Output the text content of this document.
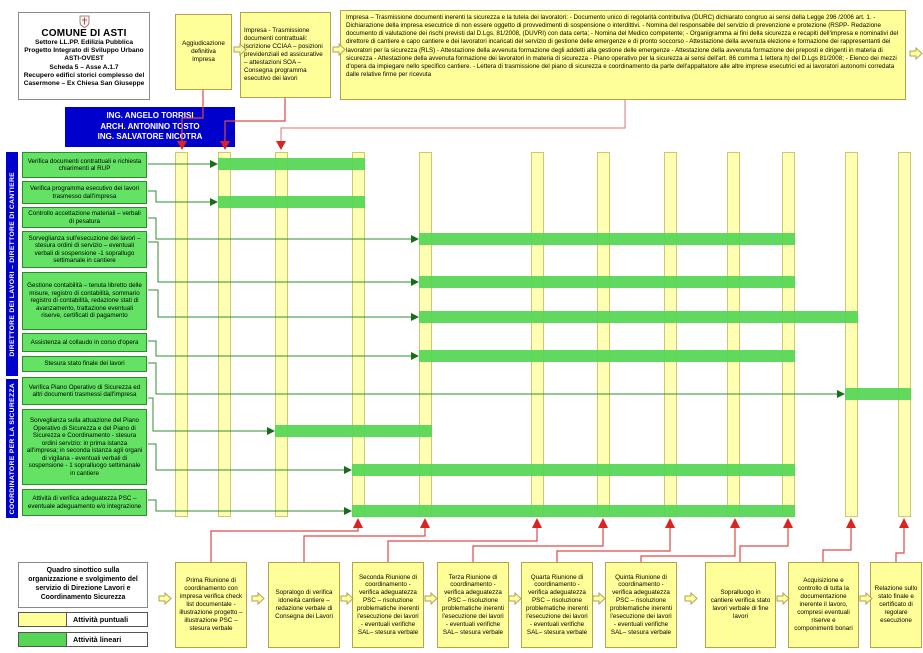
COMUNE DI ASTI
Settore LL.PP. Edilizia Pubblica
Progetto Integrato di Sviluppo Urbano
ASTI-OVEST
Scheda 5 – Asse A.1.7
Recupero edifici storici complesso del Casermone – Ex Chiesa San Giuseppe
ING. ANGELO TORRISI
ARCH. ANTONINO TOSTO
ING. SALVATORE NICOTRA
Aggiudicazione definitiva Impresa
Impresa - Trasmissione documenti contrattuali: Iscrizione CCIAA – posizioni previdenziali ed assicurative – attestazioni SOA – Consegna programma esecutivo dei lavori
Impresa – Trasmissione documenti inerenti la sicurezza e la tutela dei lavoratori: - Documento unico di regolarità contributiva (DURC) dichiarato congruo ai sensi della Legge 296 /2006 art. 1. - Dichiarazione della impresa esecutrice di non essere oggetto di provvedimenti di sospensione o interdittivi. - Nomina del responsabile del servizio di prevenzione e protezione (RSPP- Redazione documento di valutazione dei rischi previsti dal D.Lgs. 81/2008, (DUVRI) con data certa; - Nomina del Medico competente; - Organigramma ai fini della sicurezza e recapiti dell'impresa e nominativi del direttore di cantiere e capo cantiere e dei lavoratori incaricati del servizio di gestione delle emergenze e di pronto soccorso - Attestazione della avvenuta elezione e formazione dei rappresentanti dei lavoratori per la sicurezza (RLS) - Attestazione della avvenuta formazione degli addetti alla gestione delle emergenze - Attestazione della avvenuta formazione dei preposti e dirigenti in materia di sicurezza - Attestazione della avvenuta formazione dei lavoratori in materia di sicurezza - Piano operativo per la sicurezza ai sensi dell'art. 86 comma 1 lettera h) del D.Lgs 81/2008; - Elenco dei mezzi d'opera da impiegare nello specifico cantiere. - Lettera di trasmissione del piano di sicurezza e coordinamento da parte dell'appaltatore alle altre imprese esecutrici ed ai lavoratori autonomi corredata dalle relative firme per ricevuta
DIRETTORE DEI LAVORI – DIRETTORE DI CANTIERE
COORDINATORE PER LA SICUREZZA
Verifica documenti contrattuali e richiesta chiarimenti al RUP
Verifica programma esecutivo dei lavori trasmesso dall'impresa
Controllo accettazione materiali – verbali di pesatura
Sorveglianza sull'esecuzione dei lavori – stesura ordini di servizio – eventuali verbali di sospensione -1 soprallugo settimanale in cantiere
Gestione contabilità – tenuta libretto delle misure, registro di contabilità, sommario registro di contabilità, redazione stati di avanzamento, trattazione eventuali riserve, certificati di pagamento
Assistenza al collaudo in corso d'opera
Stesura stato finale dei lavori
Verifica Piano Operativo di Sicurezza ed altri documenti trasmessi dall'impresa
Sorveglianza sulla attuazione del Piano Operativo di Sicurezza e del Piano di Sicurezza e Coordinamento - stesura ordini servizio: in prima istanza all'impresa; in seconda istanza agli organi di vigilana - eventuali verbali di sospensione - 1 sopralluogo settimanale in cantiere
Attività di verifica adeguatezza PSC – eventuale adeguamento e/o integrazione
Quadro sinottico sulla organizzazione e svolgimento del servizio di Direzione Lavori e Coordinamento Sicurezza
Attività puntuali
Attività lineari
Prima Riunione di coordinamento con impresa verifica check list documentale - illustrazione progetto – illustrazione PSC – stesura verbale
Sopralogo di verifica idoneità cantiere – redazione verbale di Consegna dei Lavori
Seconda Riunione di coordinamento - verifica adeguatezza PSC – risoluzione problematiche inerenti l'esecuzione dei lavori - eventuali verifiche SAL– stesura verbale
Terza Riunione di coordinamento - verifica adeguatezza PSC – risoluzione problematiche inerenti l'esecuzione dei lavori - eventuali verifiche SAL– stesura verbale
Quarta Riunione di coordinamento - verifica adeguatezza PSC – risoluzione problematiche inerenti l'esecuzione dei lavori - eventuali verifiche SAL– stesura verbale
Quinta Riunione di coordinamento - verifica adeguatezza PSC – risoluzione problematiche inerenti l'esecuzione dei lavori - eventuali verifiche SAL– stesura verbale
Sopralluogo in cantiere verifica stato lavori verbale di fine lavori
Acquisizione e controllo di tutta la documentazione inerente il lavoro, compresi eventuali riserve e componimenti bonari
Relazione sullo stato finale e certificato di regolare esecuzione
